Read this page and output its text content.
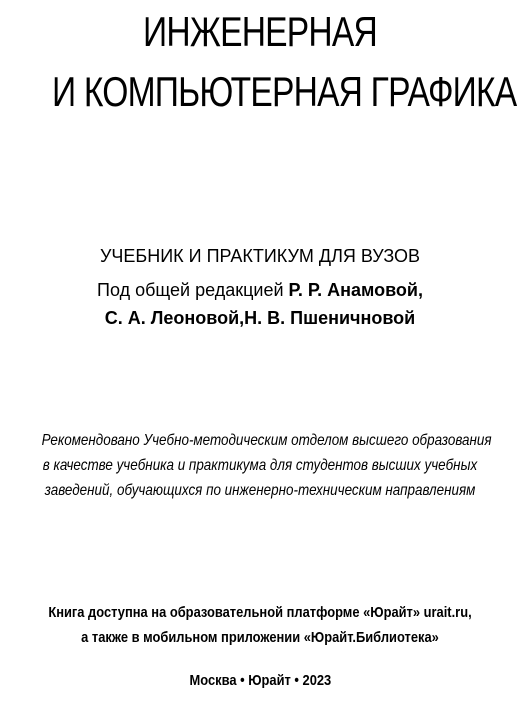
ИНЖЕНЕРНАЯ
И КОМПЬЮТЕРНАЯ ГРАФИКА
УЧЕБНИК И ПРАКТИКУМ ДЛЯ ВУЗОВ
Под общей редакцией Р. Р. Анамовой,
С. А. Леоновой,Н. В. Пшеничновой
Рекомендовано Учебно-методическим отделом высшего образования
в качестве учебника и практикума для студентов высших учебных
заведений, обучающихся по инженерно-техническим направлениям
Книга доступна на образовательной платформе «Юрайт» urait.ru,
а также в мобильном приложении «Юрайт.Библиотека»
Москва • Юрайт • 2023
